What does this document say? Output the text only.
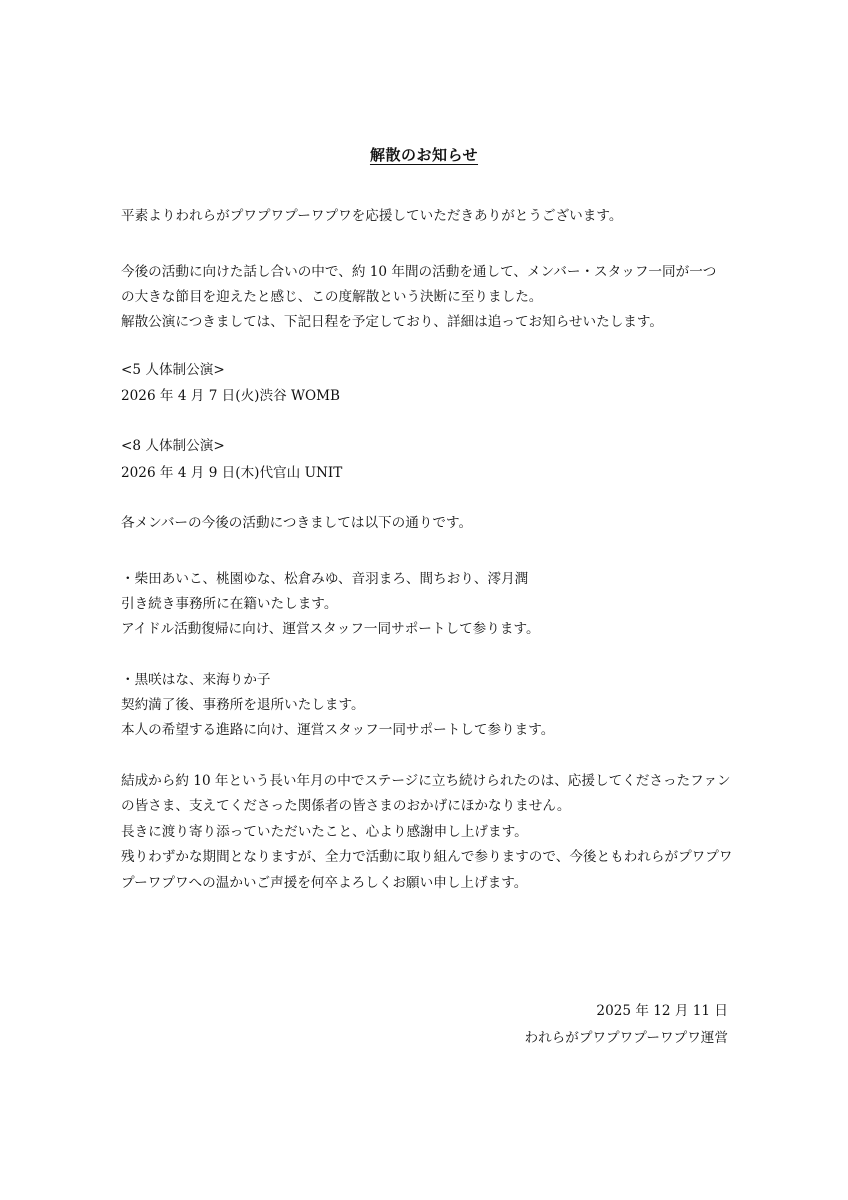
解散のお知らせ
平素よりわれらがプワプワプーワプワを応援していただきありがとうございます。
今後の活動に向けた話し合いの中で、約 10 年間の活動を通して、メンバー・スタッフ一同が一つ
の大きな節目を迎えたと感じ、この度解散という決断に至りました。
解散公演につきましては、下記日程を予定しており、詳細は追ってお知らせいたします。
<5 人体制公演>
2026 年 4 月 7 日(火)渋谷 WOMB
<8 人体制公演>
2026 年 4 月 9 日(木)代官山 UNIT
各メンバーの今後の活動につきましては以下の通りです。
・柴田あいこ、桃園ゆな、松倉みゆ、音羽まろ、間ちおり、澪月潤
引き続き事務所に在籍いたします。
アイドル活動復帰に向け、運営スタッフ一同サポートして参ります。
・黒咲はな、来海りか子
契約満了後、事務所を退所いたします。
本人の希望する進路に向け、運営スタッフ一同サポートして参ります。
結成から約 10 年という長い年月の中でステージに立ち続けられたのは、応援してくださったファン
の皆さま、支えてくださった関係者の皆さまのおかげにほかなりません。
長きに渡り寄り添っていただいたこと、心より感謝申し上げます。
残りわずかな期間となりますが、全力で活動に取り組んで参りますので、今後ともわれらがプワプワ
プーワプワへの温かいご声援を何卒よろしくお願い申し上げます。
2025 年 12 月 11 日
われらがプワプワプーワプワ運営
